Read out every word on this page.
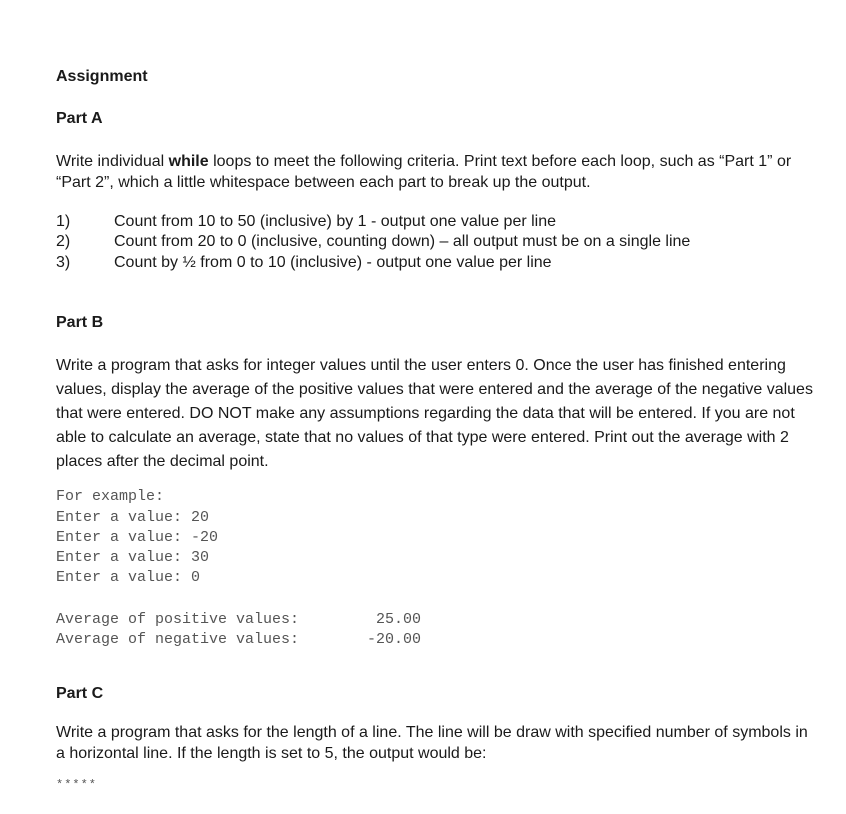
Assignment
Part A
Write individual while loops to meet the following criteria. Print text before each loop, such as “Part 1” or “Part 2”, which a little whitespace between each part to break up the output.
1)	Count from 10 to 50 (inclusive) by 1 - output one value per line
2)	Count from 20 to 0 (inclusive, counting down) – all output must be on a single line
3)	Count by ½ from 0 to 10 (inclusive) - output one value per line
Part B
Write a program that asks for integer values until the user enters 0. Once the user has finished entering values, display the average of the positive values that were entered and the average of the negative values that were entered. DO NOT make any assumptions regarding the data that will be entered. If you are not able to calculate an average, state that no values of that type were entered. Print out the average with 2 places after the decimal point.
For example:
Enter a value: 20
Enter a value: -20
Enter a value: 30
Enter a value: 0
Average of positive values:	25.00
Average of negative values:	-20.00
Part C
Write a program that asks for the length of a line. The line will be draw with specified number of symbols in a horizontal line. If the length is set to 5, the output would be:
*****
